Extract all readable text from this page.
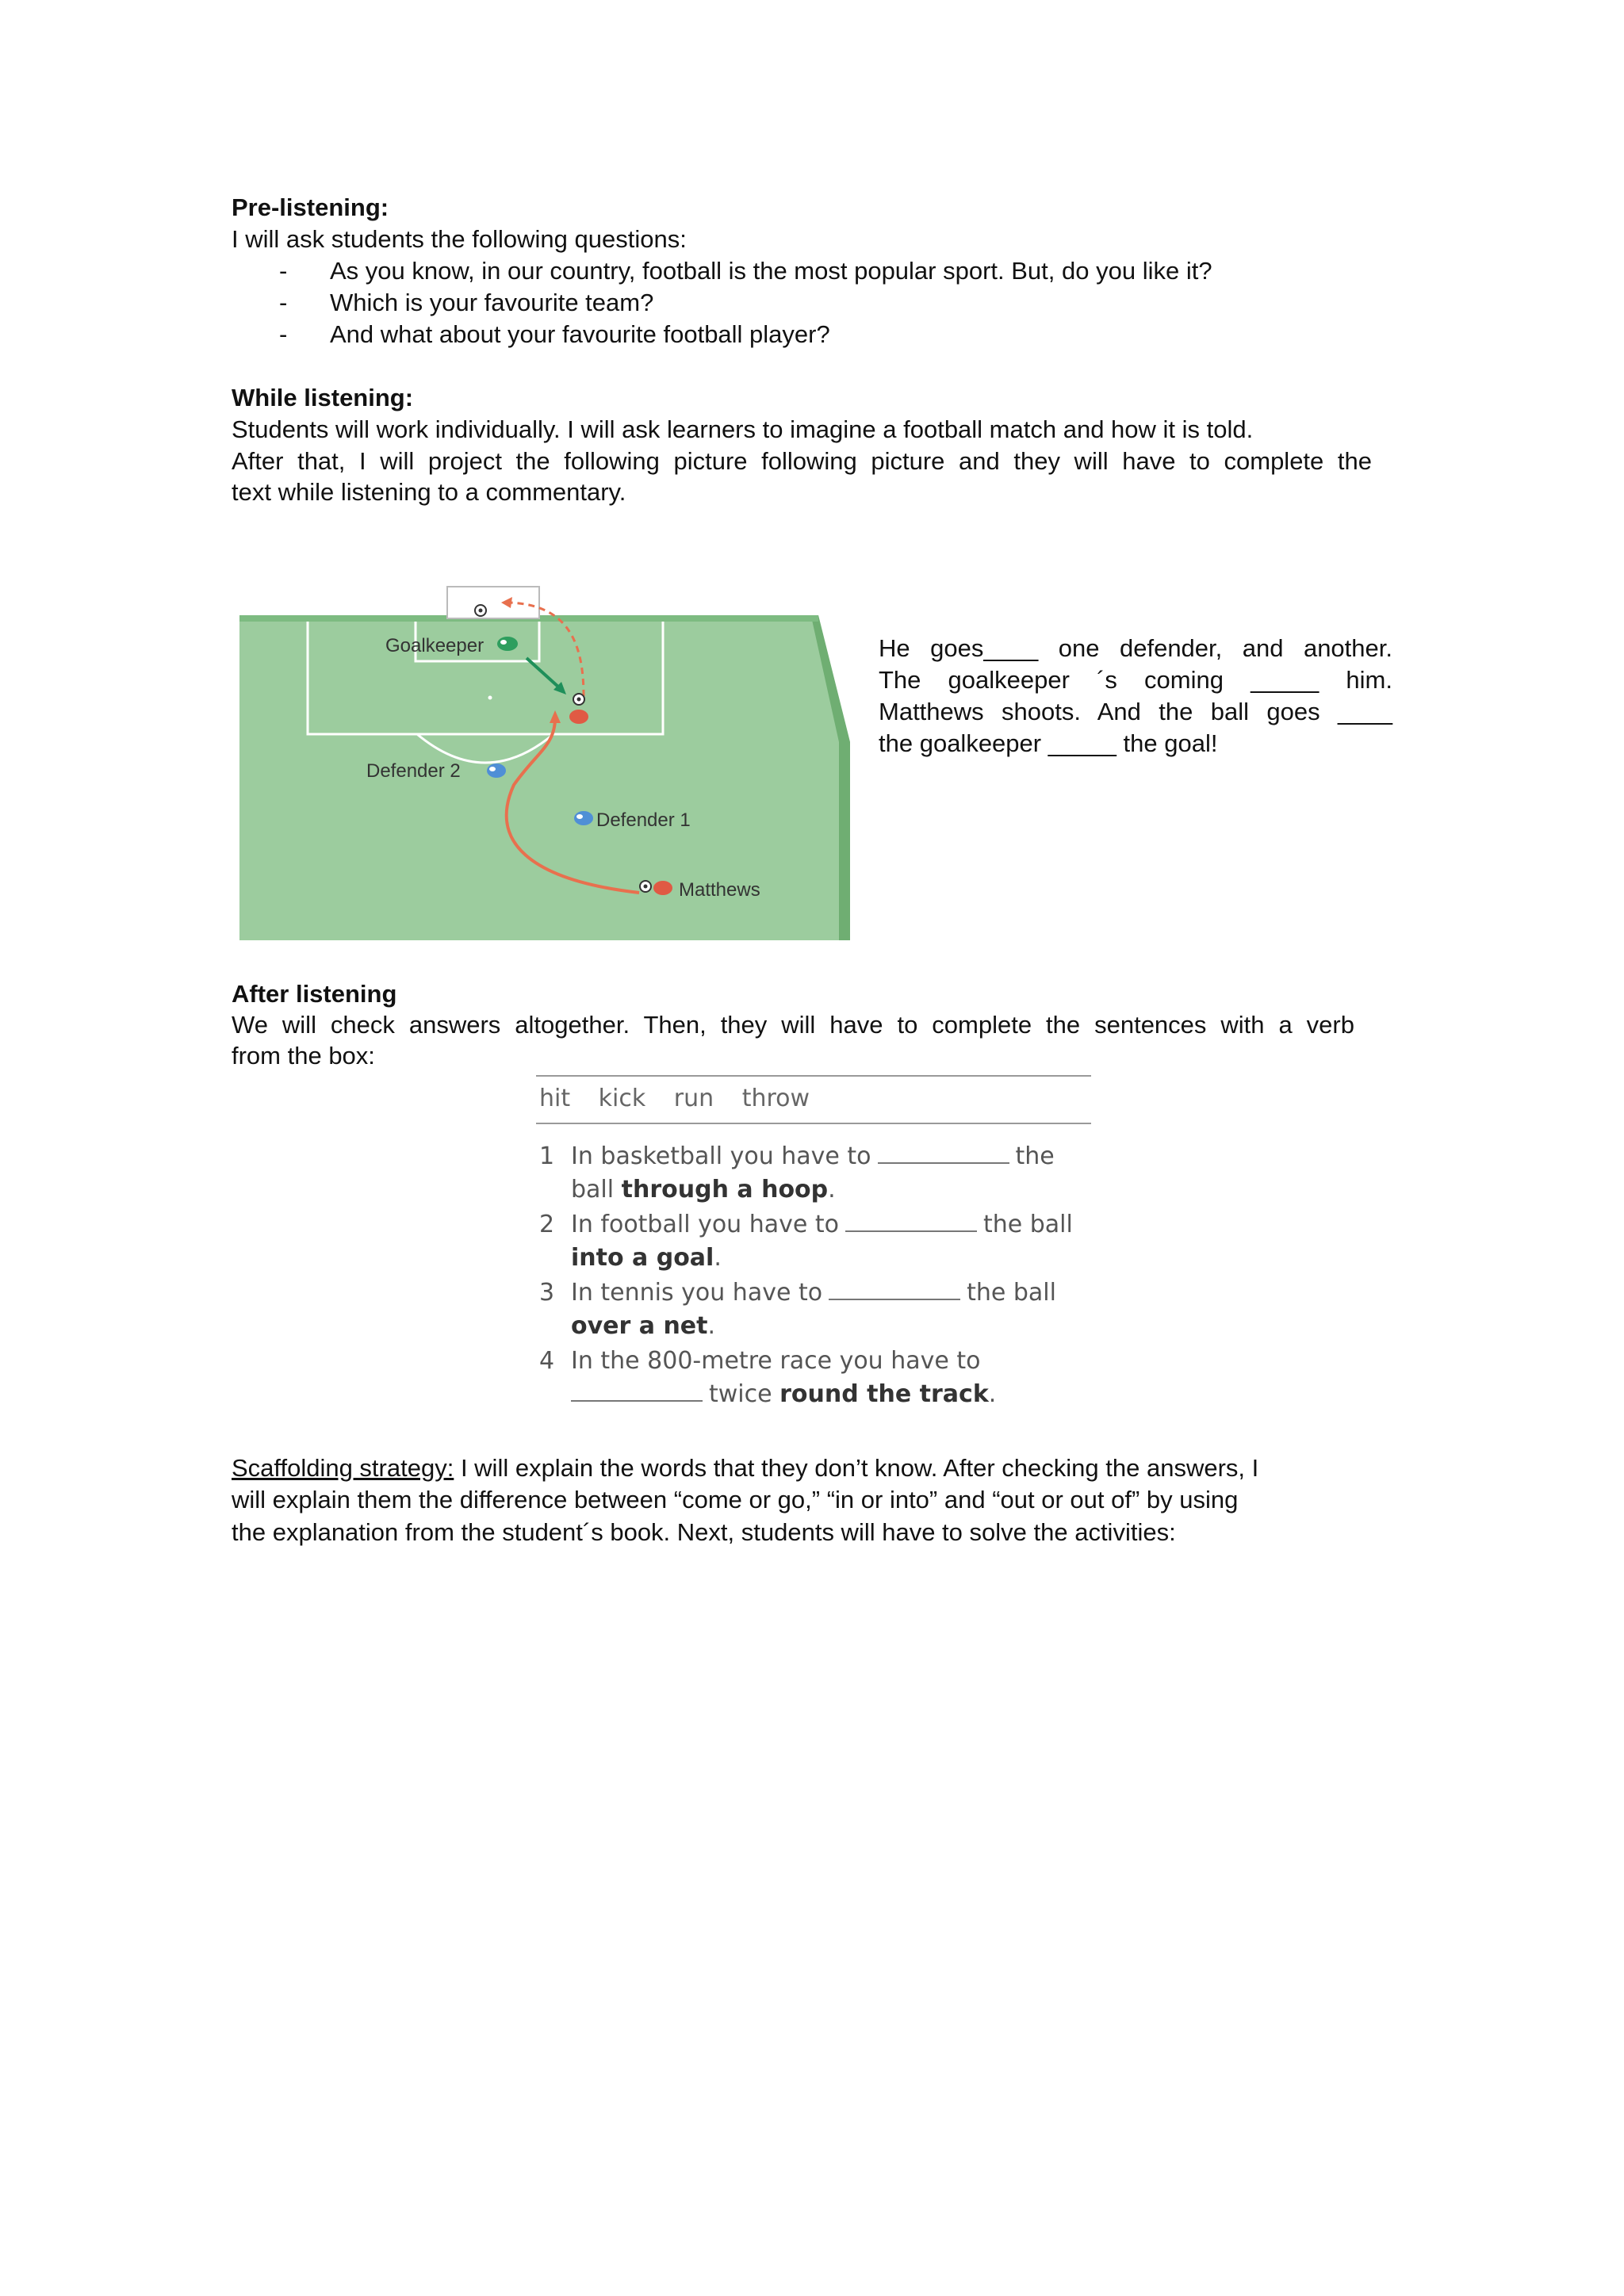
Pre-listening:
I will ask students the following questions:
- As you know, in our country, football is the most popular sport. But, do you like it?
- Which is your favourite team?
- And what about your favourite football player?
While listening:
Students will work individually. I will ask learners to imagine a football match and how it is told.
After that, I will project the following picture following picture and they will have to complete the
text while listening to a commentary.
Goalkeeper
Defender 2
Defender 1
Matthews
He goes____ one defender, and another.
The goalkeeper ´s coming _____ him.
Matthews shoots. And the ball goes ____
the goalkeeper _____ the goal!
After listening
We will check answers altogether. Then, they will have to complete the sentences with a verb
from the box:
hit kick run throw
1 In basketball you have to	the
ball through a hoop.
2 In football you have to	the ball
into a goal.
3 In tennis you have to	the ball
over a net.
4 In the 800-metre race you have to
twice round the track.
Scaffolding strategy: I will explain the words that they don’t know. After checking the answers, I
will explain them the difference between “come or go,” “in or into” and “out or out of” by using
the explanation from the student´s book. Next, students will have to solve the activities:
